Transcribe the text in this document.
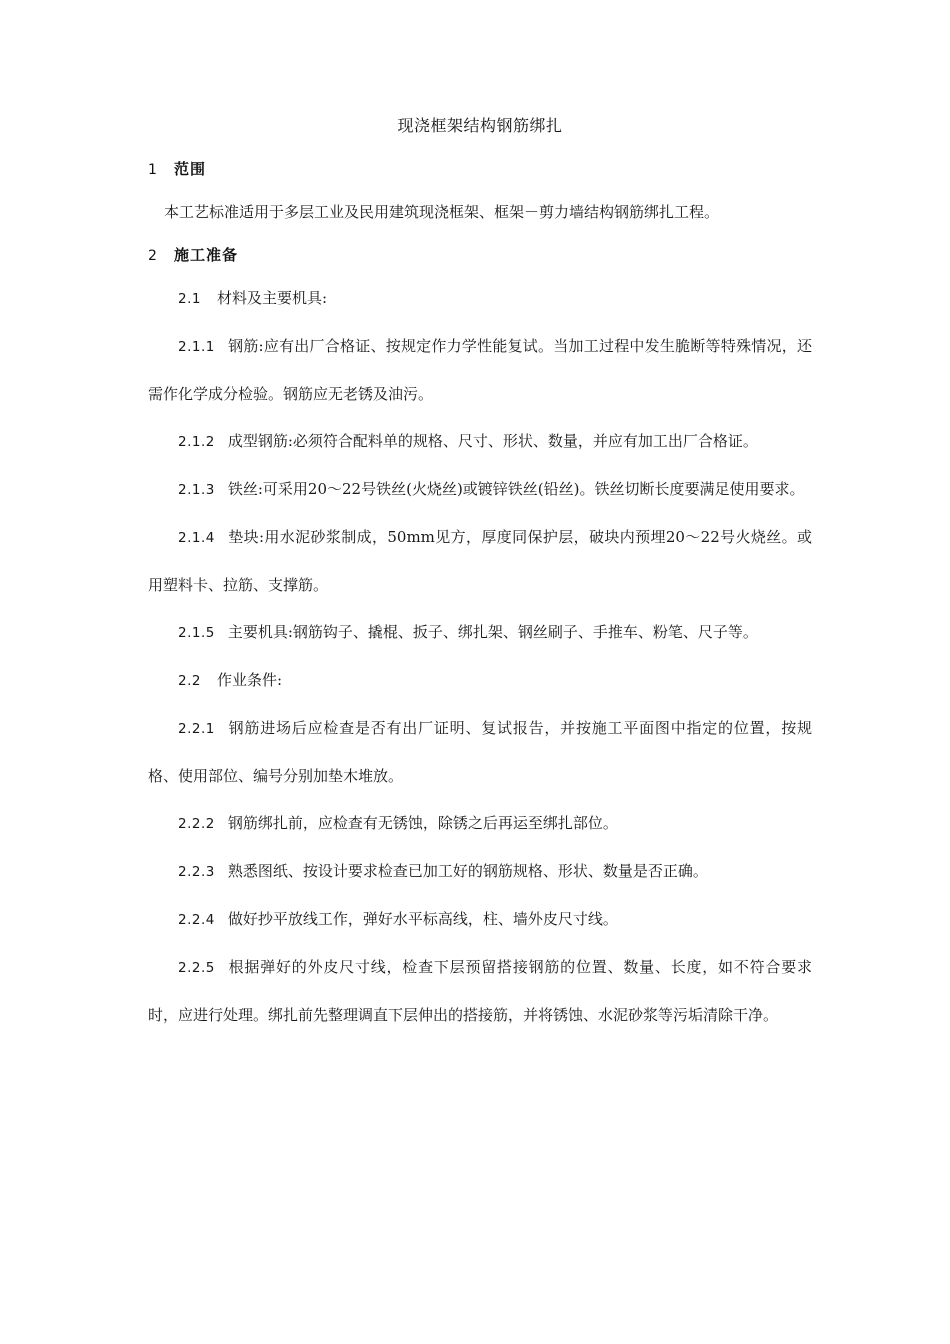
现浇框架结构钢筋绑扎
1 范围

本工艺标准适用于多层工业及民用建筑现浇框架、框架－剪力墙结构钢筋绑扎工程。

2 施工准备

2.1 材料及主要机具:

2.1.1 钢筋:应有出厂合格证、按规定作力学性能复试。当加工过程中发生脆断等特殊情况，还需作化学成分检验。钢筋应无老锈及油污。

2.1.2 成型钢筋:必须符合配料单的规格、尺寸、形状、数量，并应有加工出厂合格证。

2.1.3 铁丝:可采用20～22号铁丝(火烧丝)或镀锌铁丝(铅丝)。铁丝切断长度要满足使用要求。

2.1.4 垫块:用水泥砂浆制成，50mm见方，厚度同保护层，破块内预埋20～22号火烧丝。或用塑料卡、拉筋、支撑筋。

2.1.5 主要机具:钢筋钩子、撬棍、扳子、绑扎架、钢丝刷子、手推车、粉笔、尺子等。

2.2 作业条件:

2.2.1 钢筋进场后应检查是否有出厂证明、复试报告，并按施工平面图中指定的位置，按规格、使用部位、编号分别加垫木堆放。

2.2.2 钢筋绑扎前，应检查有无锈蚀，除锈之后再运至绑扎部位。

2.2.3 熟悉图纸、按设计要求检查已加工好的钢筋规格、形状、数量是否正确。

2.2.4 做好抄平放线工作，弹好水平标高线，柱、墙外皮尺寸线。

2.2.5 根据弹好的外皮尺寸线，检查下层预留搭接钢筋的位置、数量、长度，如不符合要求时，应进行处理。绑扎前先整理调直下层伸出的搭接筋，并将锈蚀、水泥砂浆等污垢清除干净。
